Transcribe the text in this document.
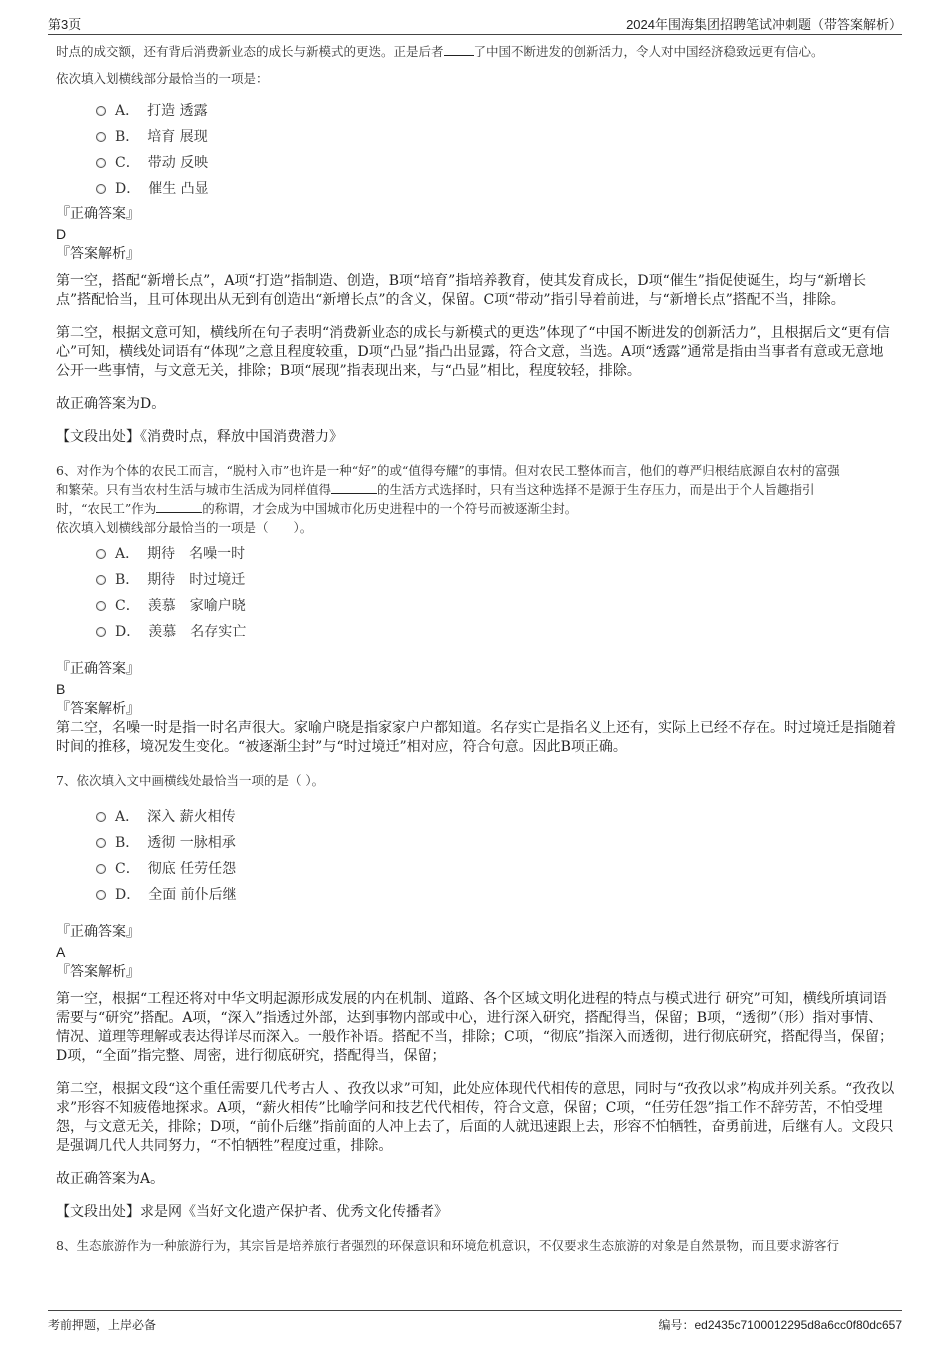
第3页	2024年围海集团招聘笔试冲刺题（带答案解析）

时点的成交额，还有背后消费新业态的成长与新模式的更迭。正是后者 了中国不断进发的创新活力，令人对中国经济稳致远更有信心。

依次填入划横线部分最恰当的一项是：

A． 打造 透露
B． 培育 展现
C． 带动 反映
D． 催生 凸显

『正确答案』

D

『答案解析』

第一空，搭配“新增长点”，A项“打造”指制造、创造，B项“培育”指培养教育，使其发育成长，D项“催生”指促使诞生，均与“新增长点”搭配恰当，且可体现出从无到有创造出“新增长点”的含义，保留。C项“带动”指引导着前进，与“新增长点”搭配不当，排除。

第二空，根据文意可知，横线所在句子表明“消费新业态的成长与新模式的更迭”体现了“中国不断进发的创新活力”，且根据后文“更有信心”可知，横线处词语有“体现”之意且程度较重，D项“凸显”指凸出显露，符合文意，当选。A项“透露”通常是指由当事者有意或无意地公开一些事情，与文意无关，排除；B项“展现”指表现出来，与“凸显”相比，程度较轻，排除。

故正确答案为D。

【文段出处】《消费时点，释放中国消费潜力》

6、对作为个体的农民工而言，“脱村入市”也许是一种“好”的或“值得夸耀”的事情。但对农民工整体而言，他们的尊严归根结底源自农村的富强

和繁荣。只有当农村生活与城市生活成为同样值得	的生活方式选择时，只有当这种选择不是源于生存压力，而是出于个人旨趣指引

时，“农民工”作为	的称谓，才会成为中国城市化历史进程中的一个符号而被逐渐尘封。

依次填入划横线部分最恰当的一项是（　　）。

A． 期待　名噪一时
B． 期待　时过境迁
C． 羡慕　家喻户晓
D． 羡慕　名存实亡

『正确答案』

B

『答案解析』

第二空，名噪一时是指一时名声很大。家喻户晓是指家家户户都知道。名存实亡是指名义上还有，实际上已经不存在。时过境迁是指随着时间的推移，境况发生变化。“被逐渐尘封”与“时过境迁”相对应，符合句意。因此B项正确。

7、依次填入文中画横线处最恰当一项的是（ ）。

A． 深入 薪火相传
B． 透彻 一脉相承
C． 彻底 任劳任怨
D． 全面 前仆后继

『正确答案』

A

『答案解析』

第一空，根据“工程还将对中华文明起源形成发展的内在机制、道路、各个区域文明化进程的特点与模式进行 研究”可知，横线所填词语需要与“研究”搭配。A项，“深入”指透过外部，达到事物内部或中心，进行深入研究，搭配得当，保留；B项，“透彻”（形）指对事情、情况、道理等理解或表达得详尽而深入。一般作补语。搭配不当，排除；C项，“彻底”指深入而透彻，进行彻底研究，搭配得当，保留；D项，“全面”指完整、周密，进行彻底研究，搭配得当，保留；

第二空，根据文段“这个重任需要几代考古人 、孜孜以求”可知，此处应体现代代相传的意思，同时与“孜孜以求”构成并列关系。“孜孜以求”形容不知疲倦地探求。A项，“薪火相传”比喻学问和技艺代代相传，符合文意，保留；C项，“任劳任怨”指工作不辞劳苦，不怕受埋怨，与文意无关，排除；D项，“前仆后继”指前面的人冲上去了，后面的人就迅速跟上去，形容不怕牺牲，奋勇前进，后继有人。文段只是强调几代人共同努力，“不怕牺牲”程度过重，排除。

故正确答案为A。

【文段出处】求是网《当好文化遗产保护者、优秀文化传播者》

8、生态旅游作为一种旅游行为，其宗旨是培养旅行者强烈的环保意识和环境危机意识，不仅要求生态旅游的对象是自然景物，而且要求游客行

考前押题，上岸必备	编号：ed2435c7100012295d8a6cc0f80dc657
